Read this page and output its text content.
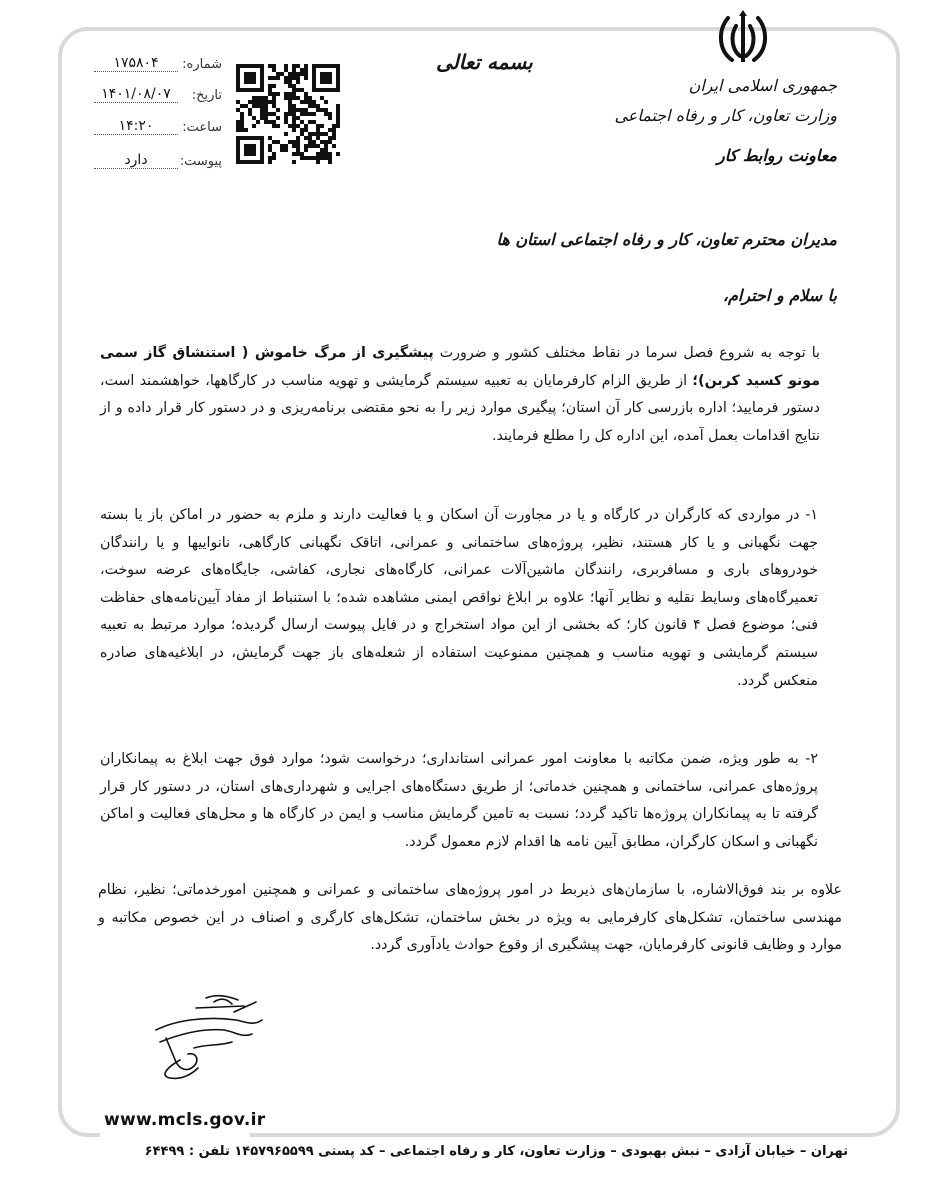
www.mcls.gov.ir
جمهوری اسلامی ایران
وزارت تعاون، کار و رفاه اجتماعی
معاونت روابط کار
بسمه تعالی
شماره:
۱۷۵۸۰۴
تاریخ:
۱۴۰۱/۰۸/۰۷
ساعت:
۱۴:۲۰
پیوست:
دارد
مدیران محترم تعاون، کار و رفاه اجتماعی استان ها
با سلام و احترام،
با توجه به شروع فصل سرما در نقاط مختلف کشور و ضرورت پیشگیری از مرگ خاموش ( استنشاق گاز سمی مونو کسید کربن)؛ از طریق الزام کارفرمایان به تعبیه سیستم گرمایشی و تهویه مناسب در کارگاهها، خواهشمند است، دستور فرمایید؛ اداره بازرسی کار آن استان؛ پیگیری موارد زیر را به نحو مقتضی برنامه‌ریزی و در دستور کار قرار داده و از نتایج اقدامات بعمل آمده، این اداره کل را مطلع فرمایند.
۱- در مواردی که کارگران در کارگاه و یا در مجاورت آن اسکان و یا فعالیت دارند و ملزم به حضور در اماکن باز یا بسته جهت نگهبانی و یا کار هستند، نظیر، پروژه‌های ساختمانی و عمرانی، اتاقک نگهبانی کارگاهی، نانواییها و یا رانندگان خودروهای باری و مسافربری، رانندگان ماشین‌آلات عمرانی، کارگاه‌های نجاری، کفاشی، جایگاه‌های عرضه سوخت، تعمیرگاه‌های وسایط نقلیه و نظایر آنها؛ علاوه بر ابلاغ نواقص ایمنی مشاهده شده؛ با استنباط از مفاد آیین‌نامه‌های حفاظت فنی؛ موضوع فصل ۴ قانون کار؛ که بخشی از این مواد استخراج و در فایل پیوست ارسال گردیده؛ موارد مرتبط به تعبیه سیستم گرمایشی و تهویه مناسب و همچنین ممنوعیت استفاده از شعله‌های باز جهت گرمایش، در ابلاغیه‌های صادره منعکس گردد.
۲- به طور ویژه، ضمن مکاتبه با معاونت امور عمرانی استانداری؛ درخواست شود؛ موارد فوق جهت ابلاغ به پیمانکاران پروژه‌های عمرانی، ساختمانی و همچنین خدماتی؛ از طریق دستگاه‌های اجرایی و شهرداری‌های استان، در دستور کار قرار گرفته تا به پیمانکاران پروژه‌ها تاکید گردد؛ نسبت به تامین گرمایش مناسب و ایمن در کارگاه ها و محل‌های فعالیت و اماکن نگهبانی و اسکان کارگران، مطابق آیین نامه ها اقدام لازم معمول گردد.
علاوه بر بند فوق‌الاشاره، با سازمان‌های ذیربط در امور پروژه‌های ساختمانی و عمرانی و همچنین امورخدماتی؛ نظیر، نظام مهندسی ساختمان، تشکل‌های کارفرمایی به ویژه در بخش ساختمان، تشکل‌های کارگری و اصناف در این خصوص مکاتبه و موارد و وظایف قانونی کارفرمایان، جهت پیشگیری از وقوع حوادث یادآوری گردد.
تهران – خیابان آزادی – نبش بهبودی – وزارت تعاون، کار و رفاه اجتماعی – کد پستی ۱۴۵۷۹۶۵۵۹۹ تلفن : ۶۴۴۹۹
